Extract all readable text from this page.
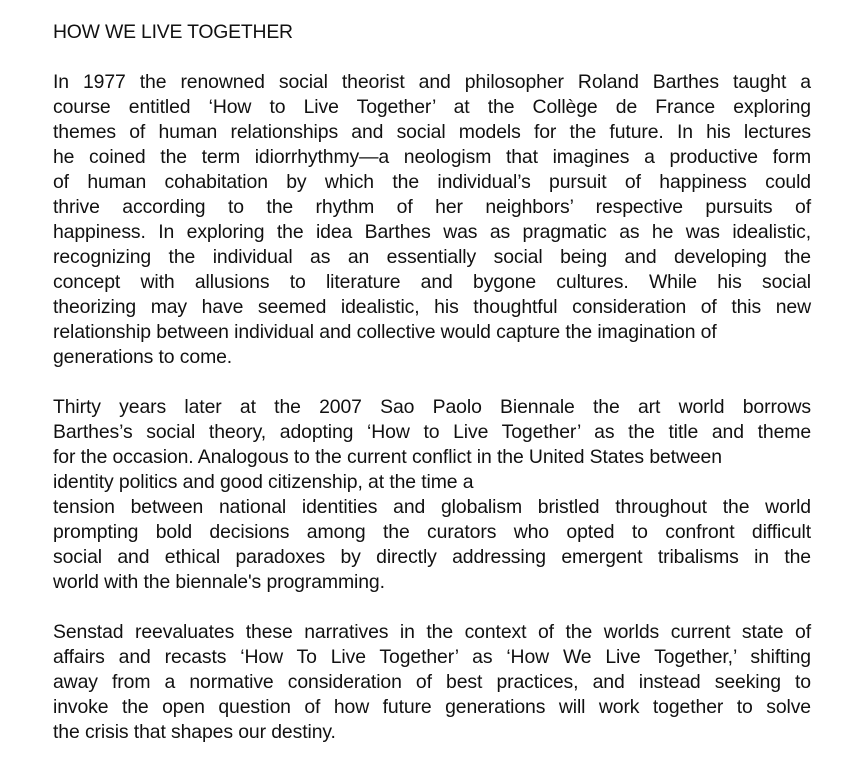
HOW WE LIVE TOGETHER

In 1977 the renowned social theorist and philosopher Roland Barthes taught a
course entitled ‘How to Live Together’ at the Collège de France exploring
themes of human relationships and social models for the future. In his lectures
he coined the term idiorrhythmy—a neologism that imagines a productive form
of human cohabitation by which the individual’s pursuit of happiness could
thrive according to the rhythm of her neighbors’ respective pursuits of
happiness. In exploring the idea Barthes was as pragmatic as he was idealistic,
recognizing the individual as an essentially social being and developing the
concept with allusions to literature and bygone cultures. While his social
theorizing may have seemed idealistic, his thoughtful consideration of this new
relationship between individual and collective would capture the imagination of
generations to come.

Thirty years later at the 2007 Sao Paolo Biennale the art world borrows
Barthes’s social theory, adopting ‘How to Live Together’ as the title and theme
for the occasion. Analogous to the current conflict in the United States between
identity politics and good citizenship, at the time a
tension between national identities and globalism bristled throughout the world
prompting bold decisions among the curators who opted to confront difficult
social and ethical paradoxes by directly addressing emergent tribalisms in the
world with the biennale's programming.

Senstad reevaluates these narratives in the context of the worlds current state of
affairs and recasts ‘How To Live Together’ as ‘How We Live Together,’ shifting
away from a normative consideration of best practices, and instead seeking to
invoke the open question of how future generations will work together to solve
the crisis that shapes our destiny.
